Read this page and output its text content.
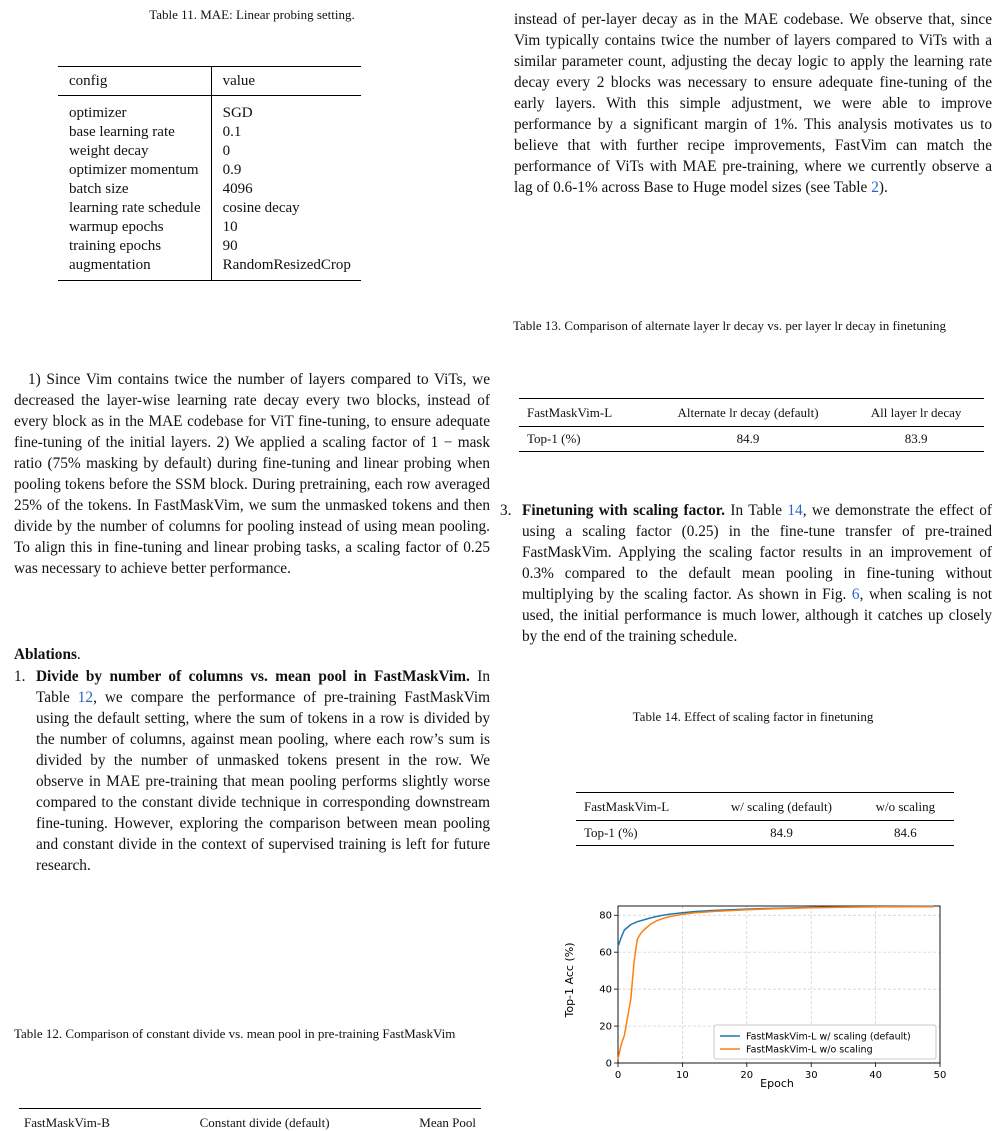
Table 11. MAE: Linear probing setting.
config	value
optimizer	SGD
base learning rate	0.1
weight decay	0
optimizer momentum	0.9
batch size	4096
learning rate schedule	cosine decay
warmup epochs	10
training epochs	90
augmentation	RandomResizedCrop

1) Since Vim contains twice the number of layers compared to ViTs, we decreased the layer-wise learning rate decay every two blocks, instead of every block as in the MAE codebase for ViT fine-tuning, to ensure adequate fine-tuning of the initial layers. 2) We applied a scaling factor of 1 − mask ratio (75% masking by default) during fine-tuning and linear probing when pooling tokens before the SSM block. During pretraining, each row averaged 25% of the tokens. In FastMaskVim, we sum the unmasked tokens and then divide by the number of columns for pooling instead of using mean pooling. To align this in fine-tuning and linear probing tasks, a scaling factor of 0.25 was necessary to achieve better performance.

Ablations.
1. Divide by number of columns vs. mean pool in FastMaskVim. In Table 12, we compare the performance of pre-training FastMaskVim using the default setting, where the sum of tokens in a row is divided by the number of columns, against mean pooling, where each row’s sum is divided by the number of unmasked tokens present in the row. We observe in MAE pre-training that mean pooling performs slightly worse compared to the constant divide technique in corresponding downstream fine-tuning. However, exploring the comparison between mean pooling and constant divide in the context of supervised training is left for future research.
Table 12. Comparison of constant divide vs. mean pool in pre-training FastMaskVim
FastMaskVim-B	Constant divide (default)	Mean Pool

instead of per-layer decay as in the MAE codebase. We observe that, since Vim typically contains twice the number of layers compared to ViTs with a similar parameter count, adjusting the decay logic to apply the learning rate decay every 2 blocks was necessary to ensure adequate fine-tuning of the early layers. With this simple adjustment, we were able to improve performance by a significant margin of 1%. This analysis motivates us to believe that with further recipe improvements, FastVim can match the performance of ViTs with MAE pre-training, where we currently observe a lag of 0.6-1% across Base to Huge model sizes (see Table 2).

Table 13. Comparison of alternate layer lr decay vs. per layer lr decay in finetuning
FastMaskVim-L	Alternate lr decay (default)	All layer lr decay
Top-1 (%)	84.9	83.9
3. Finetuning with scaling factor. In Table 14, we demonstrate the effect of using a scaling factor (0.25) in the fine-tune transfer of pre-trained FastMaskVim. Applying the scaling factor results in an improvement of 0.3% compared to the default mean pooling in fine-tuning without multiplying by the scaling factor. As shown in Fig. 6, when scaling is not used, the initial performance is much lower, although it catches up closely by the end of the training schedule.
Table 14. Effect of scaling factor in finetuning
FastMaskVim-L	w/ scaling (default)	w/o scaling
Top-1 (%)	84.9	84.6
0	10	20	30	40	50
0
20
40
60
80
Epoch
Top-1 Acc (%)
FastMaskVim-L w/ scaling (default)
FastMaskVim-L w/o scaling
